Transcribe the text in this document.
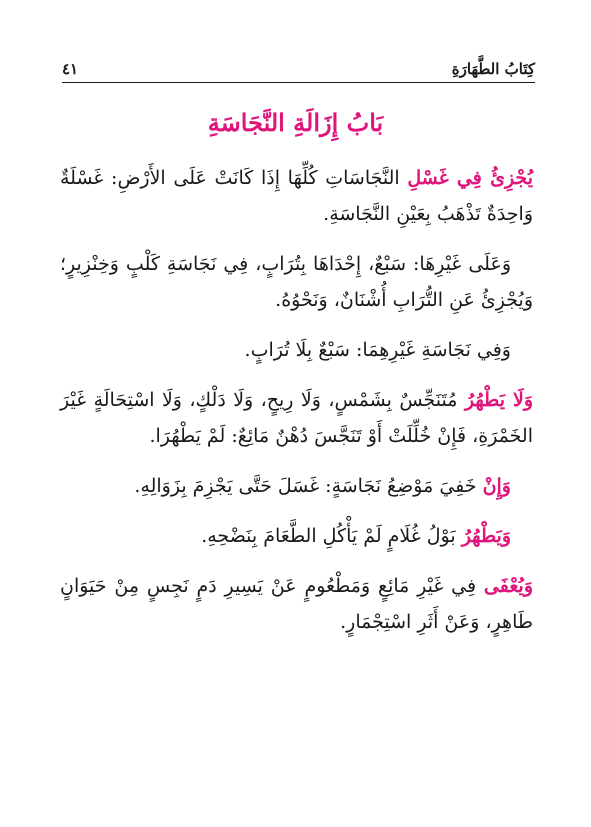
كِتَابُ الطَّهَارَةِ
٤١
بَابُ إِزَالَةِ النَّجَاسَةِ

يُجْزِئُ فِي غَسْلِ النَّجَاسَاتِ كُلِّهَا إِذَا كَانَتْ عَلَى الأَرْضِ: غَسْلَةٌ وَاحِدَةٌ تَذْهَبُ بِعَيْنِ النَّجَاسَةِ.

وَعَلَى غَيْرِهَا: سَبْعٌ، إِحْدَاهَا بِتُرَابٍ، فِي نَجَاسَةِ كَلْبٍ وَخِنْزِيرٍ؛ وَيُجْزِئُ عَنِ التُّرَابِ أُشْنَانٌ، وَنَحْوُهُ.

وَفِي نَجَاسَةِ غَيْرِهِمَا: سَبْعٌ بِلَا تُرَابٍ.

وَلَا يَطْهُرُ مُتَنَجِّسٌ بِشَمْسٍ، وَلَا رِيحٍ، وَلَا دَلْكٍ، وَلَا اسْتِحَالَةٍ غَيْرَ الخَمْرَةِ، فَإِنْ خُلِّلَتْ أَوْ تَنَجَّسَ دُهْنٌ مَائِعٌ: لَمْ يَطْهُرَا.

وَإِنْ خَفِيَ مَوْضِعُ نَجَاسَةٍ: غَسَلَ حَتَّى يَجْزِمَ بِزَوَالِهِ.

وَيَطْهُرُ بَوْلُ غُلَامٍ لَمْ يَأْكُلِ الطَّعَامَ بِنَضْحِهِ.

وَيُعْفَى فِي غَيْرِ مَائِعٍ وَمَطْعُومٍ عَنْ يَسِيرِ دَمٍ نَجِسٍ مِنْ حَيَوَانٍ طَاهِرٍ، وَعَنْ أَثَرِ اسْتِجْمَارٍ.
